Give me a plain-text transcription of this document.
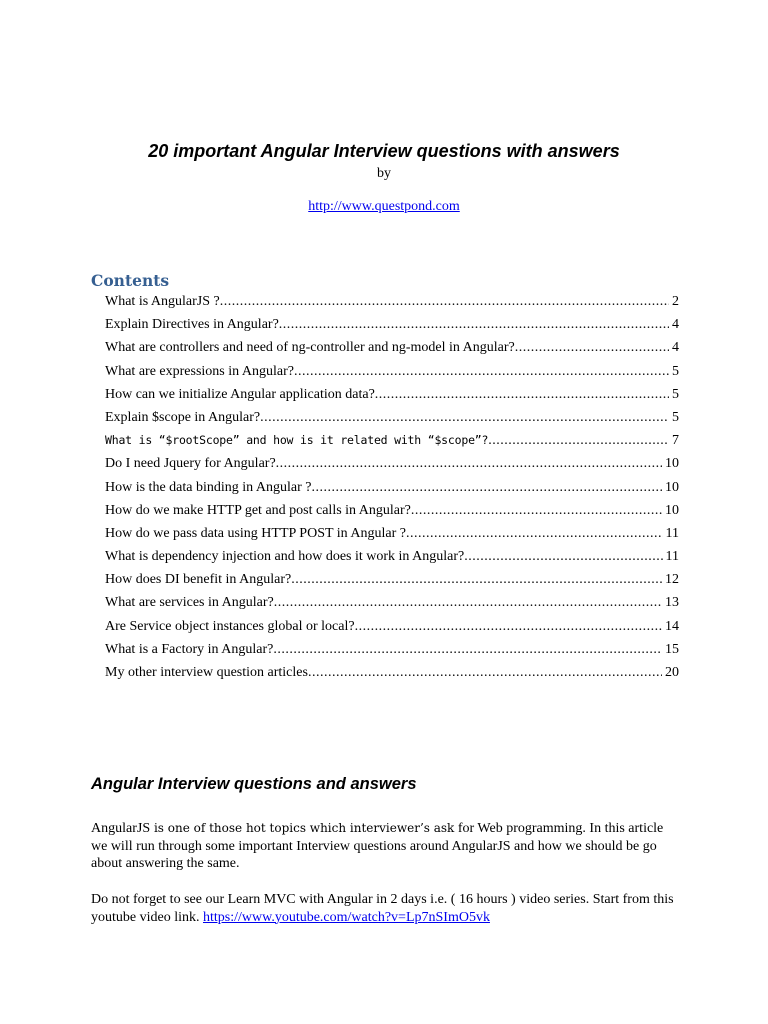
20 important Angular Interview questions with answers

by

http://www.questpond.com

Contents
What is AngularJS ? .....	2
Explain Directives in Angular? .....	4
What are controllers and need of ng-controller and ng-model in Angular? .....	4
What are expressions in Angular? .....	5
How can we initialize Angular application data? .....	5
Explain $scope in Angular? .....	5
What is “$rootScope” and how is it related with “$scope”? .....	7
Do I need Jquery for Angular? .....	10
How is the data binding in Angular ? .....	10
How do we make HTTP get and post calls in Angular? .....	10
How do we pass data using HTTP POST in Angular ? .....	11
What is dependency injection and how does it work in Angular? .....	11
How does DI benefit in Angular? .....	12
What are services in Angular? .....	13
Are Service object instances global or local? .....	14
What is a Factory in Angular? .....	15
My other interview question articles .....	20
Angular Interview questions and answers

AngularJS is one of those hot topics which interviewer’s ask for Web programming. In this article we will run through some important Interview questions around AngularJS and how we should be go about answering the same.

Do not forget to see our Learn MVC with Angular in 2 days i.e. ( 16 hours ) video series. Start from this youtube video link. https://www.youtube.com/watch?v=Lp7nSImO5vk
